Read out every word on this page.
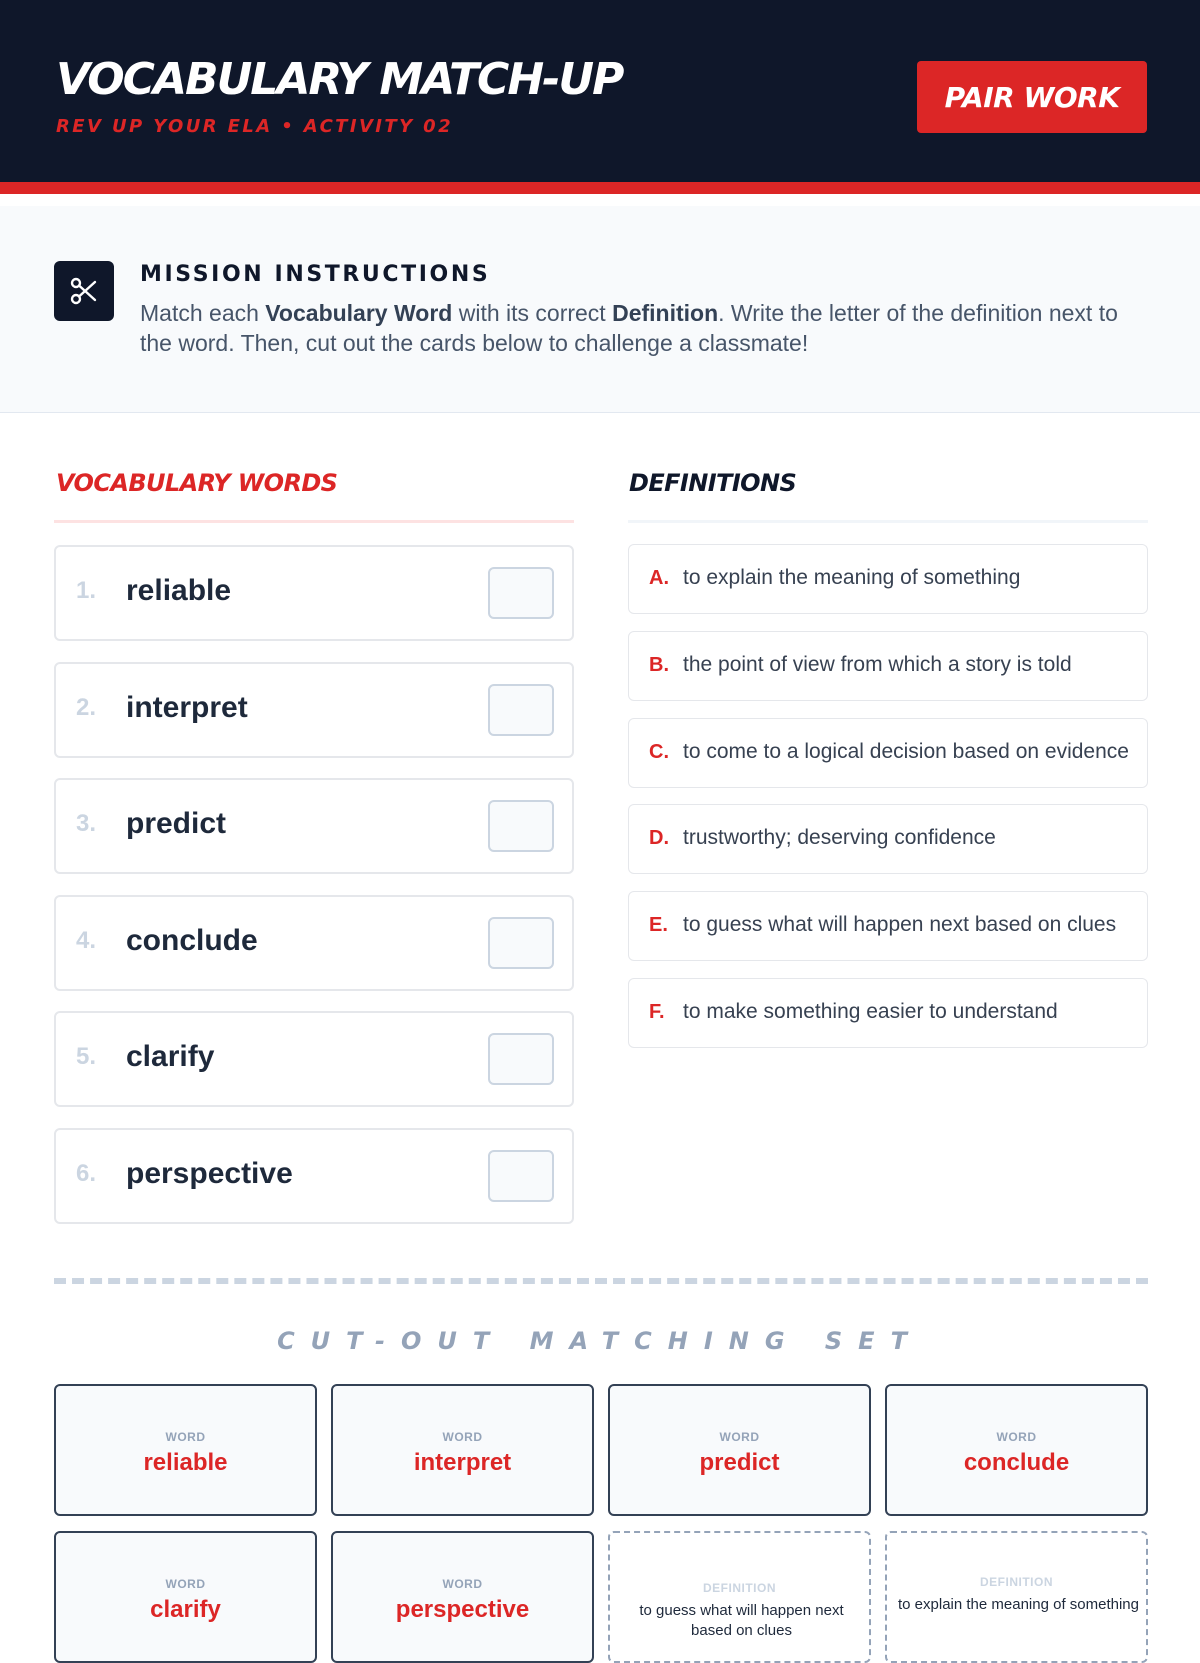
VOCABULARY MATCH-UP
REV UP YOUR ELA • ACTIVITY 02
PAIR WORK
MISSION INSTRUCTIONS
Match each Vocabulary Word with its correct Definition. Write the letter of the definition next to the word. Then, cut out the cards below to challenge a classmate!
VOCABULARY WORDS	DEFINITIONS
1. reliable
2. interpret
3. predict
4. conclude
5. clarify
6. perspective
A. to explain the meaning of something
B. the point of view from which a story is told
C. to come to a logical decision based on evidence
D. trustworthy; deserving confidence
E. to guess what will happen next based on clues
F. to make something easier to understand
CUT-OUT MATCHING SET
WORD
reliable
WORD
interpret
WORD
predict
WORD
conclude
WORD
clarify
WORD
perspective
DEFINITION
to guess what will happen next based on clues
DEFINITION
to explain the meaning of something
